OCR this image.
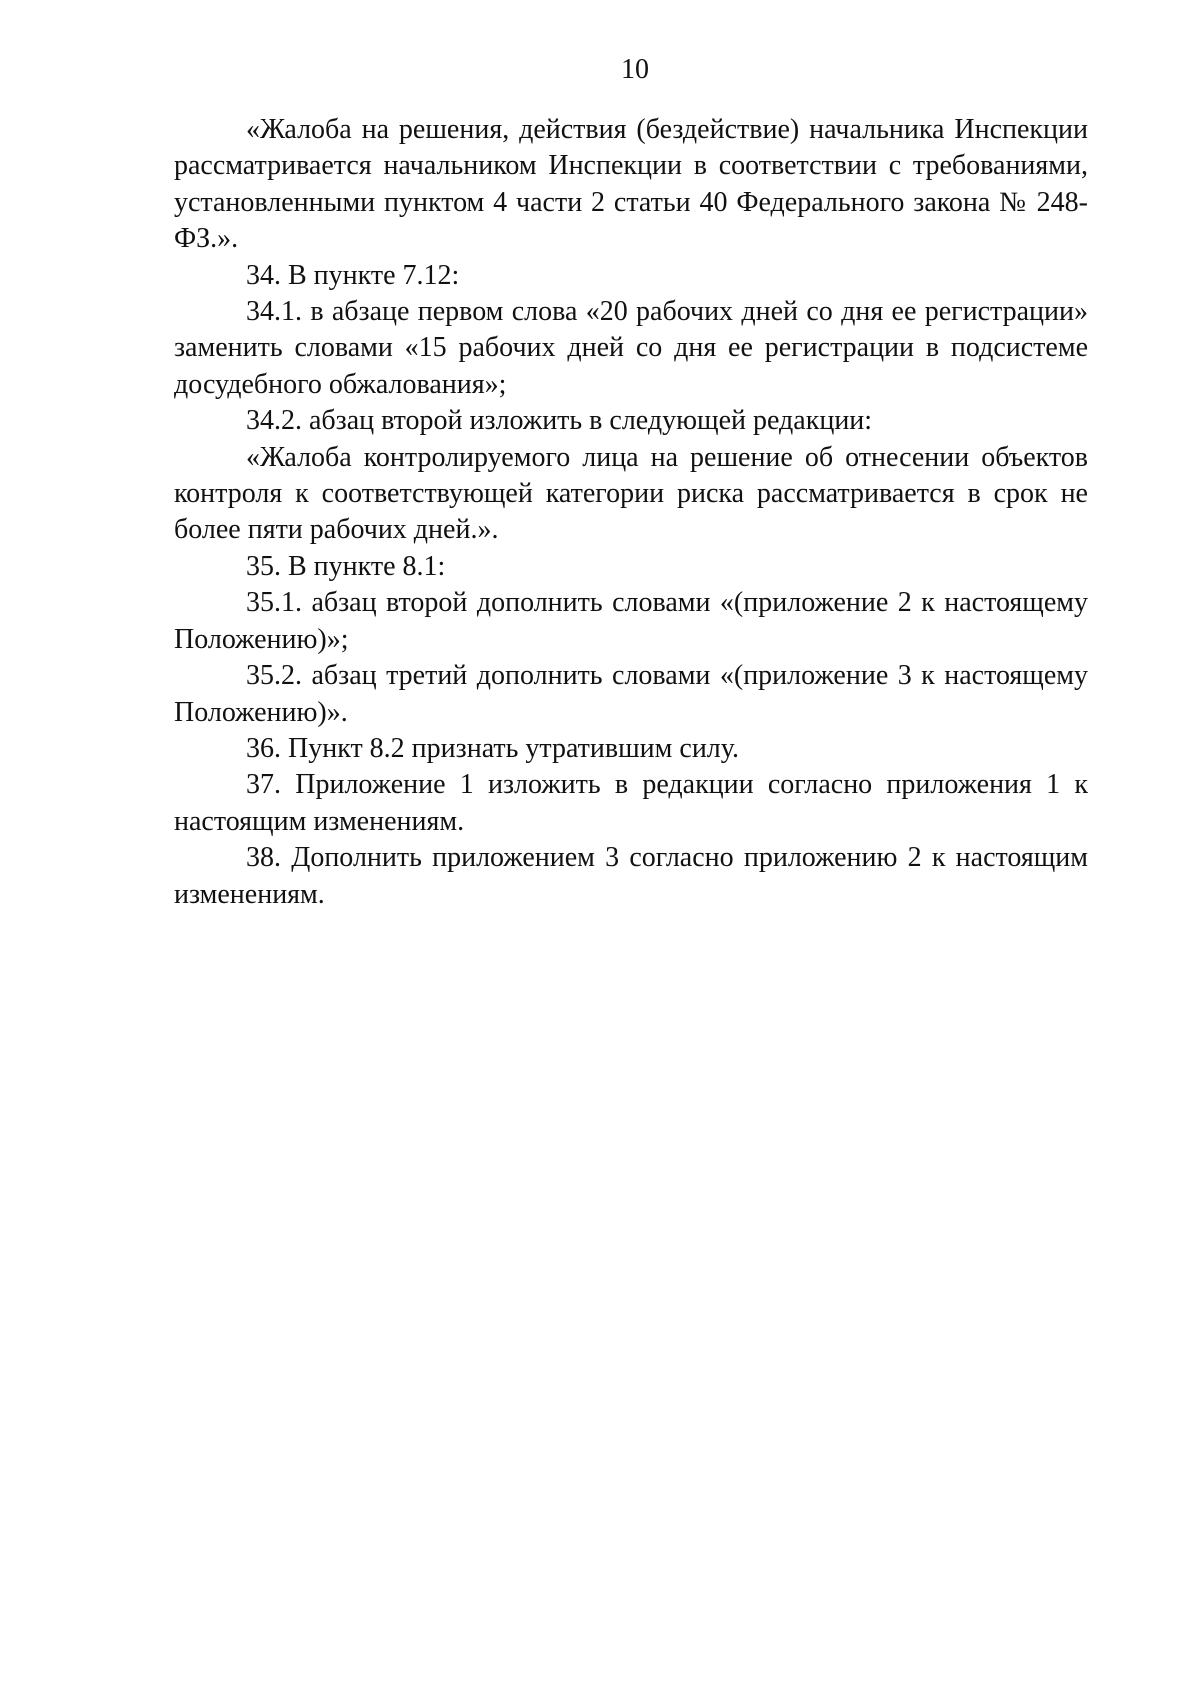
10

«Жалоба на решения, действия (бездействие) начальника Инспекции рассматривается начальником Инспекции в соответствии с требованиями, установленными пунктом 4 части 2 статьи 40 Федерального закона № 248-ФЗ.».

34. В пункте 7.12:

34.1. в абзаце первом слова «20 рабочих дней со дня ее регистрации» заменить словами «15 рабочих дней со дня ее регистрации в подсистеме досудебного обжалования»;

34.2. абзац второй изложить в следующей редакции:

«Жалоба контролируемого лица на решение об отнесении объектов контроля к соответствующей категории риска рассматривается в срок не более пяти рабочих дней.».

35. В пункте 8.1:

35.1. абзац второй дополнить словами «(приложение 2 к настоящему Положению)»;

35.2. абзац третий дополнить словами «(приложение 3 к настоящему Положению)».

36. Пункт 8.2 признать утратившим силу.

37. Приложение 1 изложить в редакции согласно приложения 1 к настоящим изменениям.

38. Дополнить приложением 3 согласно приложению 2 к настоящим изменениям.
